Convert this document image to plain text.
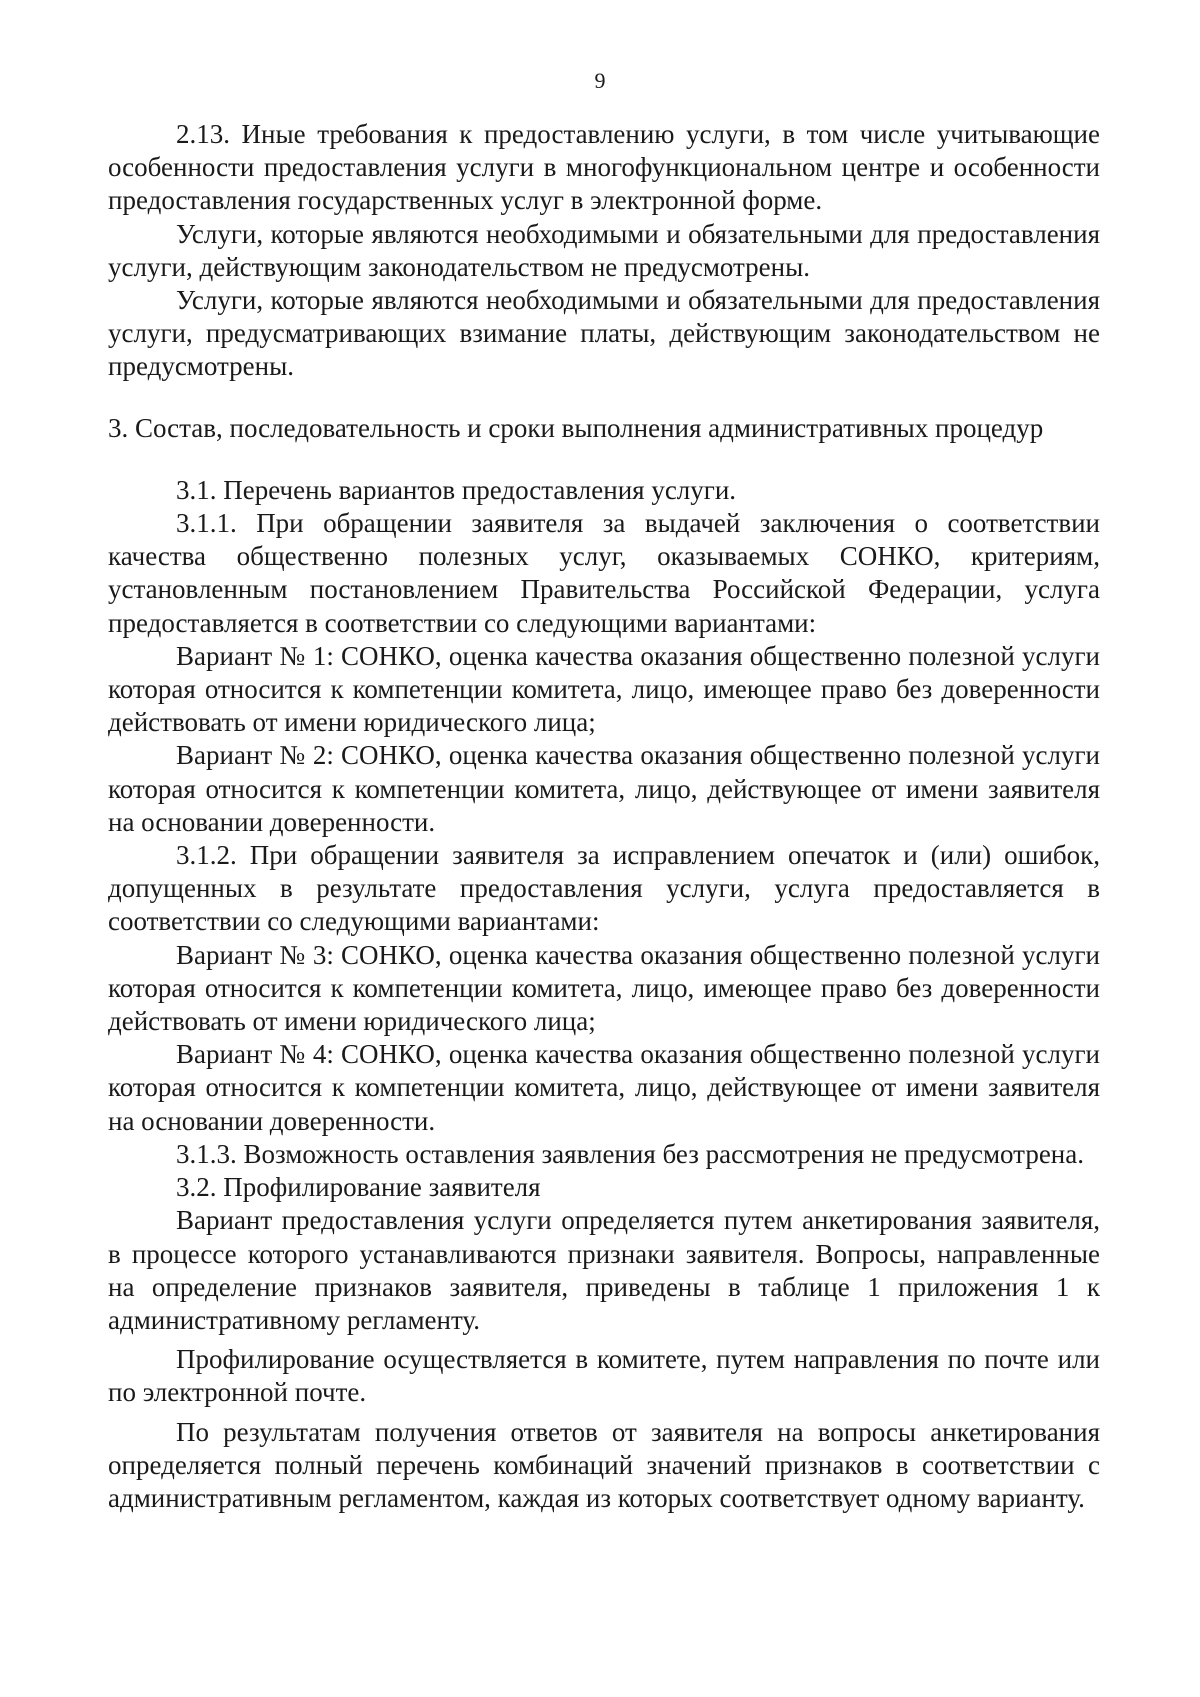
9

2.13. Иные требования к предоставлению услуги, в том числе учитывающие особенности предоставления услуги в многофункциональном центре и особенности предоставления государственных услуг в электронной форме.

Услуги, которые являются необходимыми и обязательными для предоставления услуги, действующим законодательством не предусмотрены.

Услуги, которые являются необходимыми и обязательными для предоставления услуги, предусматривающих взимание платы, действующим законодательством не предусмотрены.

3. Состав, последовательность и сроки выполнения административных процедур

3.1. Перечень вариантов предоставления услуги.

3.1.1. При обращении заявителя за выдачей заключения о соответствии качества общественно полезных услуг, оказываемых СОНКО, критериям, установленным постановлением Правительства Российской Федерации, услуга предоставляется в соответствии со следующими вариантами:

Вариант № 1: СОНКО, оценка качества оказания общественно полезной услуги которая относится к компетенции комитета, лицо, имеющее право без доверенности действовать от имени юридического лица;

Вариант № 2: СОНКО, оценка качества оказания общественно полезной услуги которая относится к компетенции комитета, лицо, действующее от имени заявителя на основании доверенности.

3.1.2. При обращении заявителя за исправлением опечаток и (или) ошибок, допущенных в результате предоставления услуги, услуга предоставляется в соответствии со следующими вариантами:

Вариант № 3: СОНКО, оценка качества оказания общественно полезной услуги которая относится к компетенции комитета, лицо, имеющее право без доверенности действовать от имени юридического лица;

Вариант № 4: СОНКО, оценка качества оказания общественно полезной услуги которая относится к компетенции комитета, лицо, действующее от имени заявителя на основании доверенности.

3.1.3. Возможность оставления заявления без рассмотрения не предусмотрена.

3.2. Профилирование заявителя

Вариант предоставления услуги определяется путем анкетирования заявителя, в процессе которого устанавливаются признаки заявителя. Вопросы, направленные на определение признаков заявителя, приведены в таблице 1 приложения 1 к административному регламенту.

Профилирование осуществляется в комитете, путем направления по почте или по электронной почте.

По результатам получения ответов от заявителя на вопросы анкетирования определяется полный перечень комбинаций значений признаков в соответствии с административным регламентом, каждая из которых соответствует одному варианту.
